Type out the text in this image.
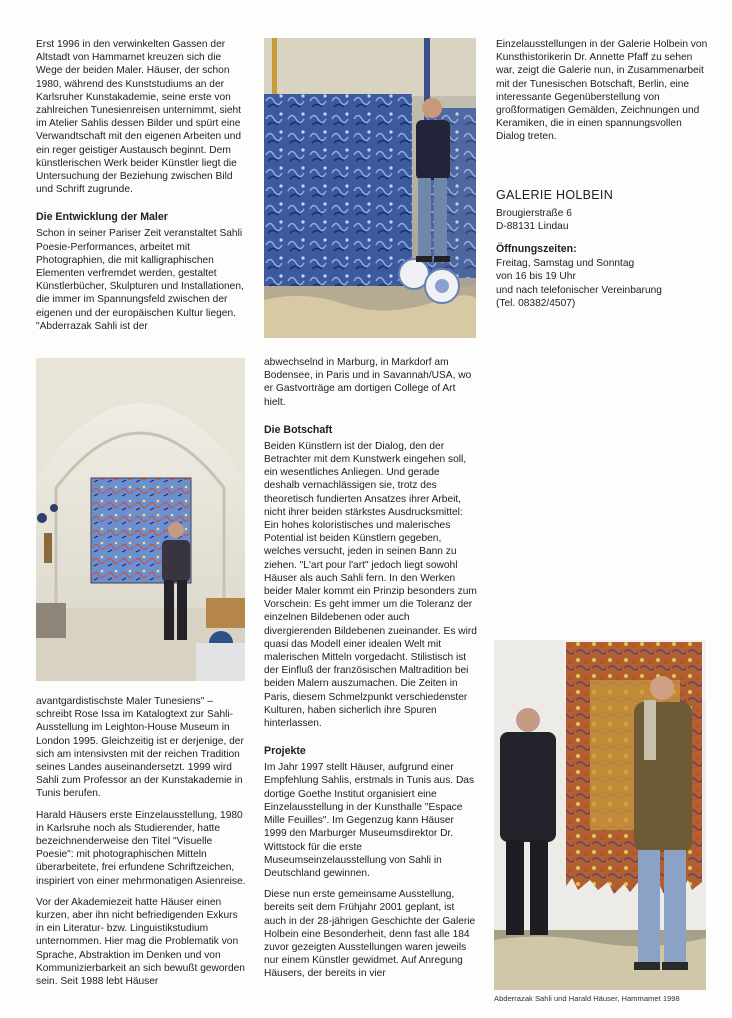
Erst 1996 in den verwinkelten Gassen der Altstadt von Hammamet kreuzen sich die Wege der beiden Maler. Häuser, der schon 1980, während des Kunststudiums an der Karlsruher Kunstakademie, seine erste von zahlreichen Tunesienreisen unternimmt, sieht im Atelier Sahlis dessen Bilder und spürt eine Verwandtschaft mit den eigenen Arbeiten und ein reger geistiger Austausch beginnt. Dem künstlerischen Werk beider Künstler liegt die Untersuchung der Beziehung zwischen Bild und Schrift zugrunde.

Die Entwicklung der Maler

Schon in seiner Pariser Zeit veranstaltet Sahli Poesie-Performances, arbeitet mit Photographien, die mit kalligraphischen Elementen verfremdet werden, gestaltet Künstlerbücher, Skulpturen und Installationen, die immer im Spannungsfeld zwischen der eigenen und der europäischen Kultur liegen. "Abderrazak Sahli ist der

Einzelausstellungen in der Galerie Holbein von Kunsthistorikerin Dr. Annette Pfaff zu sehen war, zeigt die Galerie nun, in Zusammenarbeit mit der Tunesischen Botschaft, Berlin, eine interessante Gegenüberstellung von großformatigen Gemälden, Zeichnungen und Keramiken, die in einen spannungsvollen Dialog treten.

GALERIE HOLBEIN
Brougierstraße 6
D-88131 Lindau
Öffnungszeiten:
Freitag, Samstag und Sonntag
von 16 bis 19 Uhr
und nach telefonischer Vereinbarung
(Tel. 08382/4507)

abwechselnd in Marburg, in Markdorf am Bodensee, in Paris und in Savannah/USA, wo er Gastvorträge am dortigen College of Art hielt.

Die Botschaft

Beiden Künstlern ist der Dialog, den der Betrachter mit dem Kunstwerk eingehen soll, ein wesentliches Anliegen. Und gerade deshalb vernachlässigen sie, trotz des theoretisch fundierten Ansatzes ihrer Arbeit, nicht ihrer beiden stärkstes Ausdrucksmittel: Ein hohes koloristisches und malerisches Potential ist beiden Künstlern gegeben, welches versucht, jeden in seinen Bann zu ziehen. "L'art pour l'art" jedoch liegt sowohl Häuser als auch Sahli fern. In den Werken beider Maler kommt ein Prinzip besonders zum Vorschein: Es geht immer um die Toleranz der einzelnen Bildebenen oder auch divergierenden Bildebenen zueinander. Es wird quasi das Modell einer idealen Welt mit malerischen Mitteln vorgedacht. Stilistisch ist der Einfluß der französischen Maltradition bei beiden Malern auszumachen. Die Zeiten in Paris, diesem Schmelzpunkt verschiedenster Kulturen, haben sicherlich ihre Spuren hinterlassen.

Projekte

Im Jahr 1997 stellt Häuser, aufgrund einer Empfehlung Sahlis, erstmals in Tunis aus. Das dortige Goethe Institut organisiert eine Einzelausstellung in der Kunsthalle "Espace Mille Feuilles". Im Gegenzug kann Häuser 1999 den Marburger Museumsdirektor Dr. Wittstock für die erste Museumseinzelausstellung von Sahli in Deutschland gewinnen.

Diese nun erste gemeinsame Ausstellung, bereits seit dem Frühjahr 2001 geplant, ist auch in der 28-jährigen Geschichte der Galerie Holbein eine Besonderheit, denn fast alle 184 zuvor gezeigten Ausstellungen waren jeweils nur einem Künstler gewidmet. Auf Anregung Häusers, der bereits in vier

avantgardistischste Maler Tunesiens" – schreibt Rose Issa im Katalogtext zur Sahli-Ausstellung im Leighton-House Museum in London 1995. Gleichzeitig ist er derjenige, der sich am intensivsten mit der reichen Tradition seines Landes auseinandersetzt. 1999 wird Sahli zum Professor an der Kunstakademie in Tunis berufen.

Harald Häusers erste Einzelausstellung, 1980 in Karlsruhe noch als Studierender, hatte bezeichnenderweise den Titel "Visuelle Poesie": mit photographischen Mitteln überarbeitete, frei erfundene Schriftzeichen, inspiriert von einer mehrmonatigen Asienreise.

Vor der Akademiezeit hatte Häuser einen kurzen, aber ihn nicht befriedigenden Exkurs in ein Literatur- bzw. Linguistikstudium unternommen. Hier mag die Problematik von Sprache, Abstraktion im Denken und von Kommunizierbarkeit an sich bewußt geworden sein. Seit 1988 lebt Häuser

Abderrazak Sahli und Harald Häuser, Hammamet 1998
